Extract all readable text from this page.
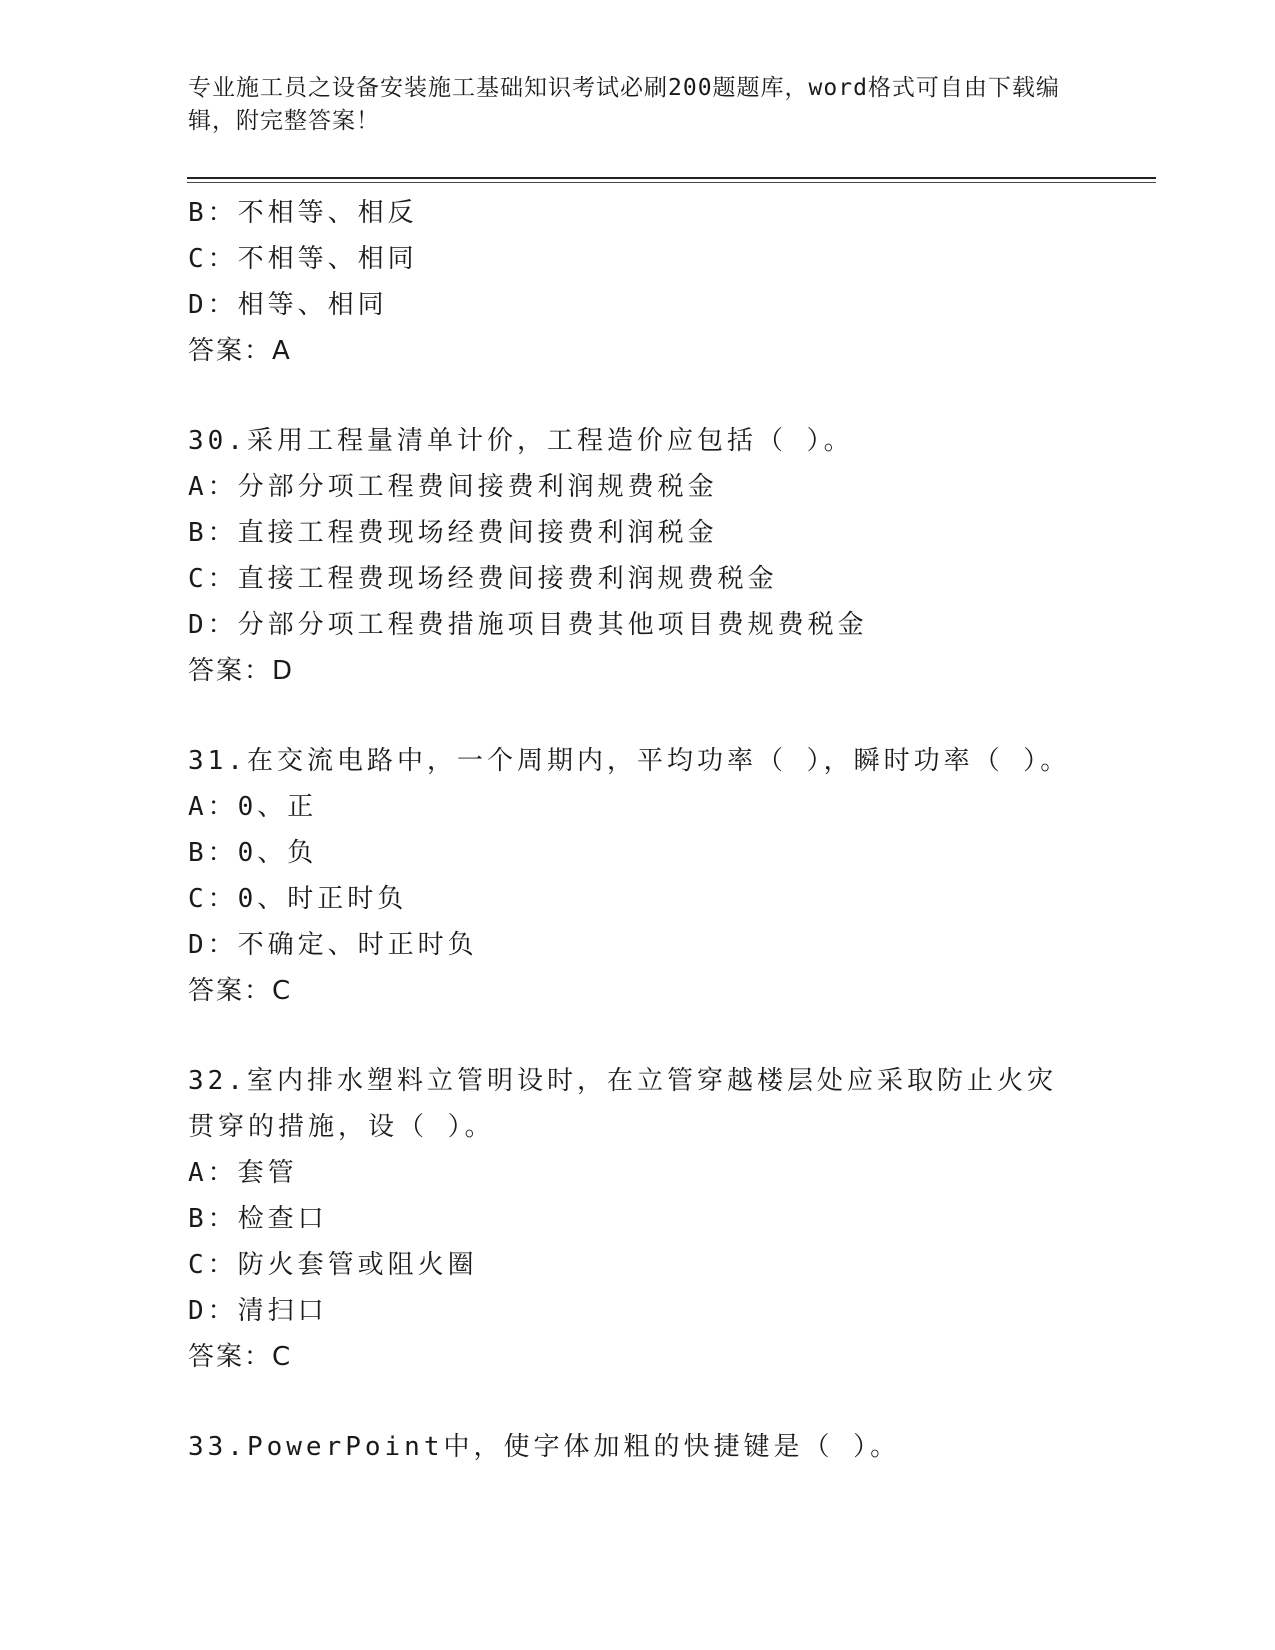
专业施工员之设备安装施工基础知识考试必刷200题题库，word格式可自由下载编辑，附完整答案！
B：不相等、相反
C：不相等、相同
D：相等、相同
答案：A
30.采用工程量清单计价，工程造价应包括（ ）。
A：分部分项工程费间接费利润规费税金
B：直接工程费现场经费间接费利润税金
C：直接工程费现场经费间接费利润规费税金
D：分部分项工程费措施项目费其他项目费规费税金
答案：D
31.在交流电路中，一个周期内，平均功率（ ），瞬时功率（ ）。
A：0、正
B：0、负
C：0、时正时负
D：不确定、时正时负
答案：C
32.室内排水塑料立管明设时，在立管穿越楼层处应采取防止火灾贯穿的措施，设（ ）。
A：套管
B：检查口
C：防火套管或阻火圈
D：清扫口
答案：C
33.PowerPoint中，使字体加粗的快捷键是（ ）。
